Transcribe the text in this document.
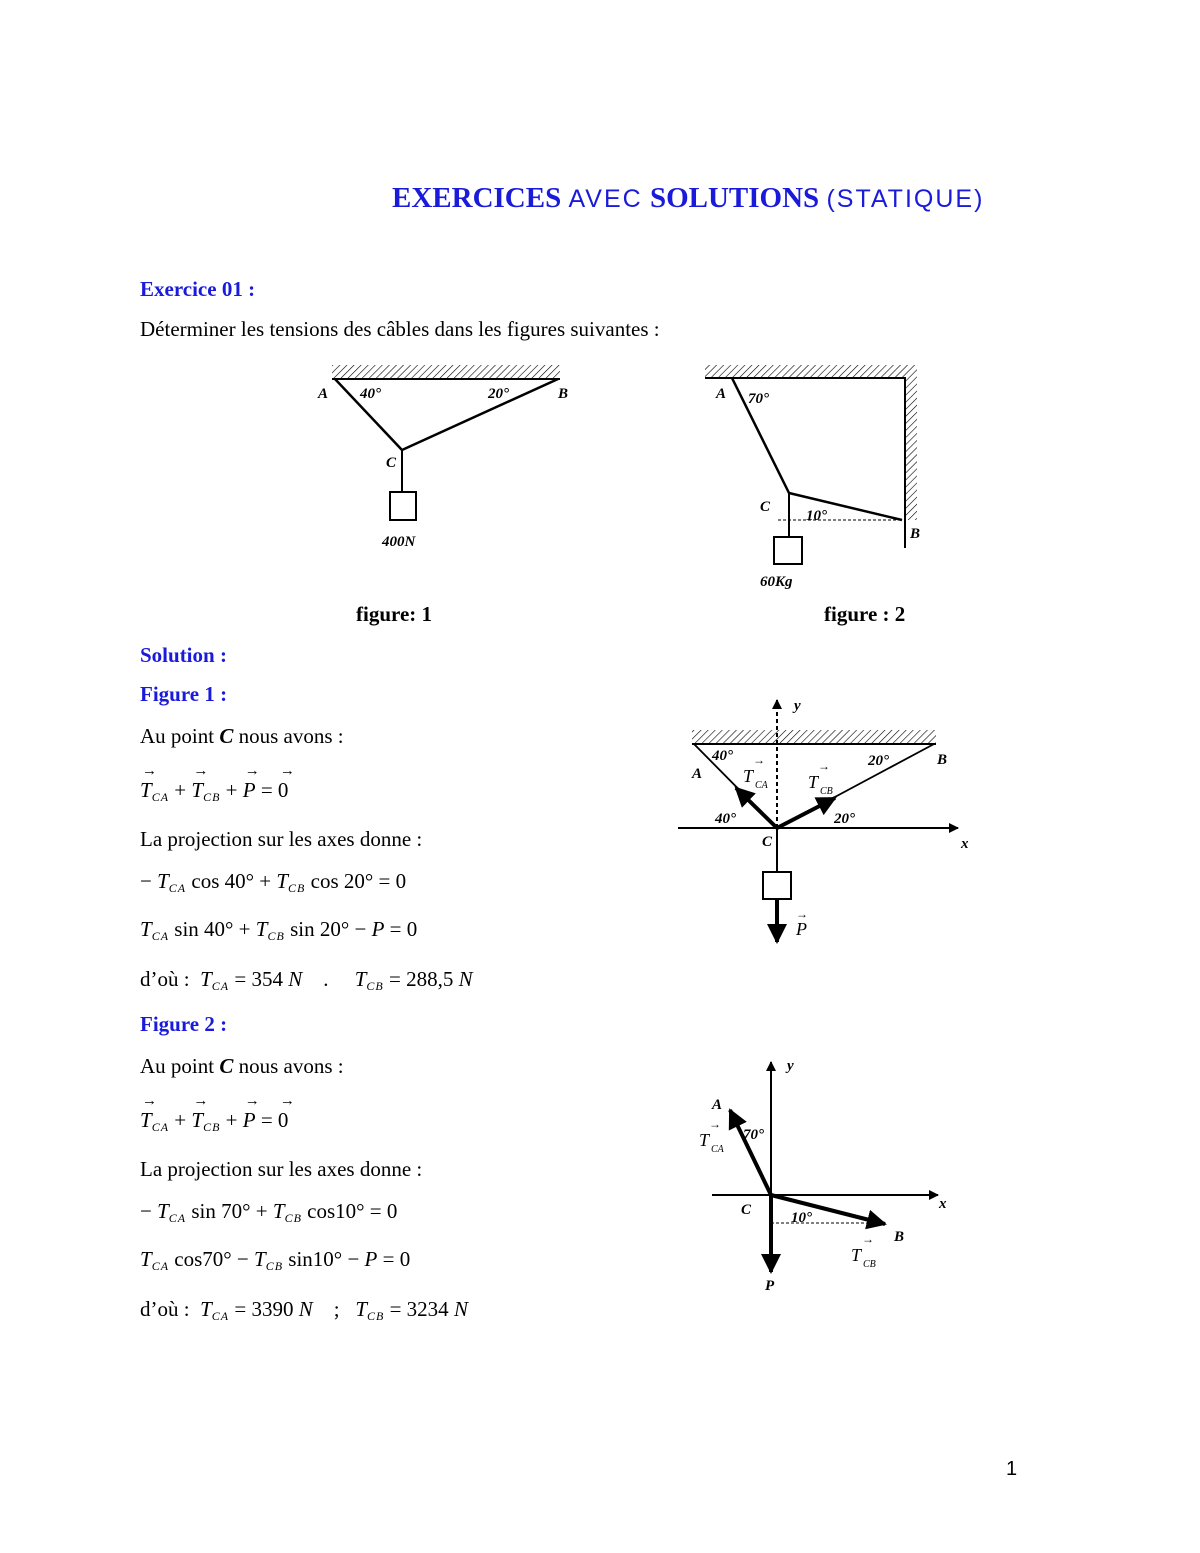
EXERCICES AVEC SOLUTIONS (STATIQUE)
Exercice 01 :
Déterminer les tensions des câbles dans les figures suivantes :
A	B
C
40°	20°
400N
figure: 1
A 70°
C
10°
B
60Kg
figure : 2
Solution :
Figure 1 :
Au point C nous avons :
→ $T_{CA}$ + → $T_{CB}$ + → P = → 0
La projection sur les axes donne :
− $T_{CA}$ $\cos 40^\circ + T_{CB}$ cos 20° = 0
$T_{CA}$ $\sin 40^\circ + T_{CB}$ sin 20° − P = 0
d’où : $T_{CA} = 354$ N    .     $T_{CB} = 288,5$ N
y
x
A
B
C
40°	20°
40°	20°
→
T CA
→
T CB
→
P
Figure 2 :
Au point C nous avons :
→ $T_{CA}$ + → $T_{CB}$ + → P = → 0
La projection sur les axes donne :
− $T_{CA}$ $\sin 70^\circ + T_{CB}$ cos10° = 0
$T_{CA}$ $\cos 70^\circ - T_{CB}$ sin10° − P = 0
d’où : $T_{CA} = 3390$ N    ;   $T_{CB} = 3234$ N
y
x
A
70°
C	10°
B
P
→
T CA
→
T CB
1
